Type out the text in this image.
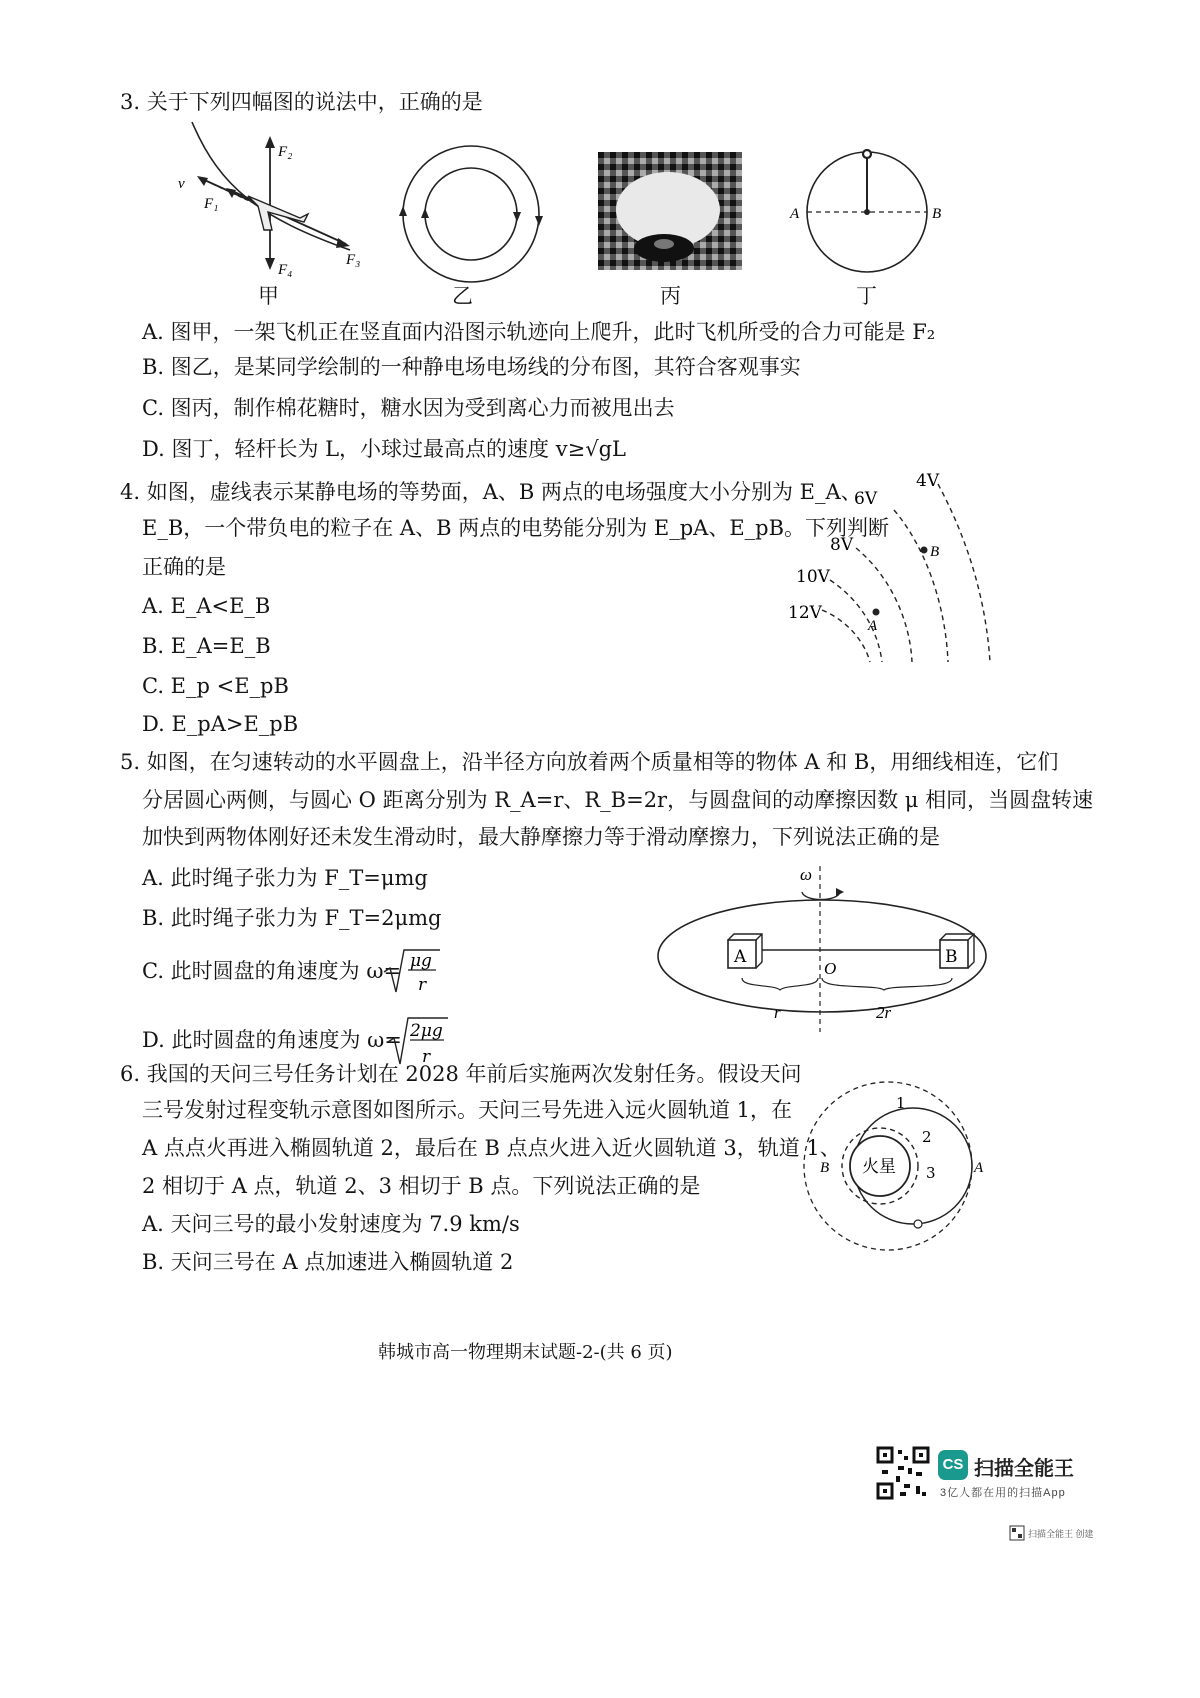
3. 关于下列四幅图的说法中，正确的是
F₂
v
F₁
F₃
F₄
A	B
甲	乙	丙	丁
A. 图甲，一架飞机正在竖直面内沿图示轨迹向上爬升，此时飞机所受的合力可能是 F₂
B. 图乙，是某同学绘制的一种静电场电场线的分布图，其符合客观事实
C. 图丙，制作棉花糖时，糖水因为受到离心力而被甩出去
D. 图丁，轻杆长为 L，小球过最高点的速度 v≥√gL
4. 如图，虚线表示某静电场的等势面，A、B 两点的电场强度大小分别为 E_A、
E_B，一个带负电的粒子在 A、B 两点的电势能分别为 E_pA、E_pB。下列判断
正确的是
A. E_A<E_B
B. E_A=E_B
C. E_p <E_pB
D. E_pA>E_pB
4V
6V
8V
10V
12V
B
A
5. 如图，在匀速转动的水平圆盘上，沿半径方向放着两个质量相等的物体 A 和 B，用细线相连，它们
分居圆心两侧，与圆心 O 距离分别为 R_A=r、R_B=2r，与圆盘间的动摩擦因数 μ 相同，当圆盘转速
加快到两物体刚好还未发生滑动时，最大静摩擦力等于滑动摩擦力，下列说法正确的是
A. 此时绳子张力为 F_T=μmg
B. 此时绳子张力为 F_T=2μmg
C. 此时圆盘的角速度为 ω= μg
r
D. 此时圆盘的角速度为 ω= 2μg
r
ω
A	B
O
r	2r
6. 我国的天问三号任务计划在 2028 年前后实施两次发射任务。假设天问
三号发射过程变轨示意图如图所示。天问三号先进入远火圆轨道 1，在
A 点点火再进入椭圆轨道 2，最后在 B 点点火进入近火圆轨道 3，轨道 1、
2 相切于 A 点，轨道 2、3 相切于 B 点。下列说法正确的是
A. 天问三号的最小发射速度为 7.9 km/s
B. 天问三号在 A 点加速进入椭圆轨道 2
火星
1
2
3
B	A
韩城市高一物理期末试题-2-(共 6 页)
CS 扫描全能王
3亿人都在用的扫描App
扫描全能王 创建
